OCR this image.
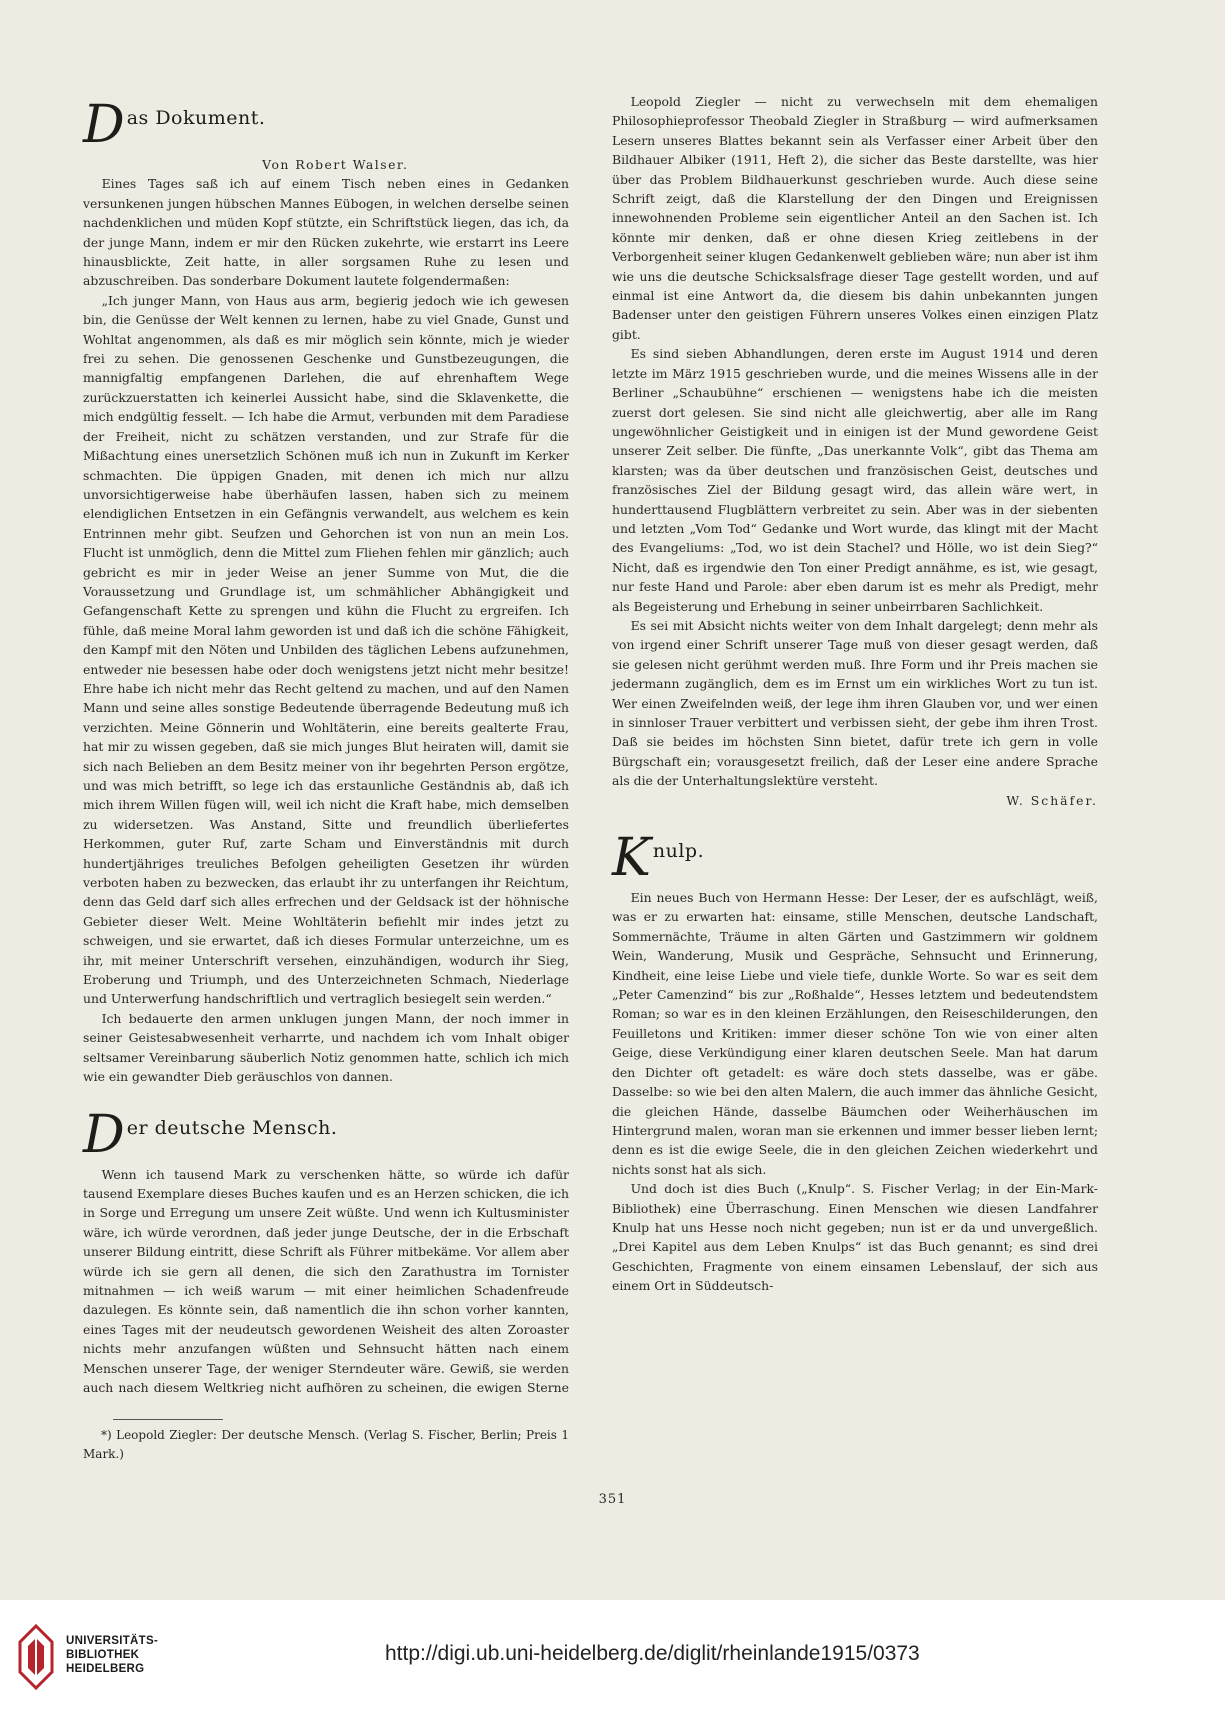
D as Dokument.

Von Robert Walser.

Eines Tages saß ich auf einem Tisch neben eines in Gedanken versunkenen jungen hübschen Mannes Eübogen, in welchen derselbe seinen nachdenklichen und müden Kopf stützte, ein Schriftstück liegen, das ich, da der junge Mann, indem er mir den Rücken zukehrte, wie erstarrt ins Leere hinausblickte, Zeit hatte, in aller sorgsamen Ruhe zu lesen und abzuschreiben. Das sonderbare Dokument lautete folgendermaßen:

„Ich junger Mann, von Haus aus arm, begierig jedoch wie ich gewesen bin, die Genüsse der Welt kennen zu lernen, habe zu viel Gnade, Gunst und Wohltat angenommen, als daß es mir möglich sein könnte, mich je wieder frei zu sehen. Die genossenen Geschenke und Gunstbezeugungen, die mannigfaltig empfangenen Darlehen, die auf ehrenhaftem Wege zurückzuerstatten ich keinerlei Aussicht habe, sind die Sklavenkette, die mich endgültig fesselt. — Ich habe die Armut, verbunden mit dem Paradiese der Freiheit, nicht zu schätzen verstanden, und zur Strafe für die Mißachtung eines unersetzlich Schönen muß ich nun in Zukunft im Kerker schmachten. Die üppigen Gnaden, mit denen ich mich nur allzu unvorsichtigerweise habe überhäufen lassen, haben sich zu meinem elendiglichen Entsetzen in ein Gefängnis verwandelt, aus welchem es kein Entrinnen mehr gibt. Seufzen und Gehorchen ist von nun an mein Los. Flucht ist unmöglich, denn die Mittel zum Fliehen fehlen mir gänzlich; auch gebricht es mir in jeder Weise an jener Summe von Mut, die die Voraussetzung und Grundlage ist, um schmählicher Abhängigkeit und Gefangenschaft Kette zu sprengen und kühn die Flucht zu ergreifen. Ich fühle, daß meine Moral lahm geworden ist und daß ich die schöne Fähigkeit, den Kampf mit den Nöten und Unbilden des täglichen Lebens aufzunehmen, entweder nie besessen habe oder doch wenigstens jetzt nicht mehr besitze! Ehre habe ich nicht mehr das Recht geltend zu machen, und auf den Namen Mann und seine alles sonstige Bedeutende überragende Bedeutung muß ich verzichten. Meine Gönnerin und Wohltäterin, eine bereits gealterte Frau, hat mir zu wissen gegeben, daß sie mich junges Blut heiraten will, damit sie sich nach Belieben an dem Besitz meiner von ihr begehrten Person ergötze, und was mich betrifft, so lege ich das erstaunliche Geständnis ab, daß ich mich ihrem Willen fügen will, weil ich nicht die Kraft habe, mich demselben zu widersetzen. Was Anstand, Sitte und freundlich überliefertes Herkommen, guter Ruf, zarte Scham und Einverständnis mit durch hundertjähriges treuliches Befolgen geheiligten Gesetzen ihr würden verboten haben zu bezwecken, das erlaubt ihr zu unterfangen ihr Reichtum, denn das Geld darf sich alles erfrechen und der Geldsack ist der höhnische Gebieter dieser Welt. Meine Wohltäterin befiehlt mir indes jetzt zu schweigen, und sie erwartet, daß ich dieses Formular unterzeichne, um es ihr, mit meiner Unterschrift versehen, einzuhändigen, wodurch ihr Sieg, Eroberung und Triumph, und des Unterzeichneten Schmach, Niederlage und Unterwerfung handschriftlich und vertraglich besiegelt sein werden.“

Ich bedauerte den armen unklugen jungen Mann, der noch immer in seiner Geistesabwesenheit verharrte, und nachdem ich vom Inhalt obiger seltsamer Vereinbarung säuberlich Notiz genommen hatte, schlich ich mich wie ein gewandter Dieb geräuschlos von dannen.

D er deutsche Mensch.

Wenn ich tausend Mark zu verschenken hätte, so würde ich dafür tausend Exemplare dieses Buches kaufen und es an Herzen schicken, die ich in Sorge und Erregung um unsere Zeit wüßte. Und wenn ich Kultusminister wäre, ich würde verordnen, daß jeder junge Deutsche, der in die Erbschaft unserer Bildung eintritt, diese Schrift als Führer mitbekäme. Vor allem aber würde ich sie gern all denen, die sich den Zarathustra im Tornister mitnahmen — ich weiß warum — mit einer heimlichen Schadenfreude dazulegen. Es könnte sein, daß namentlich die ihn schon vorher kannten, eines Tages mit der neudeutsch gewordenen Weisheit des alten Zoroaster nichts mehr anzufangen wüßten und Sehnsucht hätten nach einem Menschen unserer Tage, der weniger Sterndeuter wäre. Gewiß, sie werden auch nach diesem Weltkrieg nicht aufhören zu scheinen, die ewigen Sterne

*) Leopold Ziegler: Der deutsche Mensch. (Verlag S. Fischer, Berlin; Preis 1 Mark.)

Leopold Ziegler — nicht zu verwechseln mit dem ehemaligen Philosophieprofessor Theobald Ziegler in Straßburg — wird aufmerksamen Lesern unseres Blattes bekannt sein als Verfasser einer Arbeit über den Bildhauer Albiker (1911, Heft 2), die sicher das Beste darstellte, was hier über das Problem Bildhauerkunst geschrieben wurde. Auch diese seine Schrift zeigt, daß die Klarstellung der den Dingen und Ereignissen innewohnenden Probleme sein eigentlicher Anteil an den Sachen ist. Ich könnte mir denken, daß er ohne diesen Krieg zeitlebens in der Verborgenheit seiner klugen Gedankenwelt geblieben wäre; nun aber ist ihm wie uns die deutsche Schicksalsfrage dieser Tage gestellt worden, und auf einmal ist eine Antwort da, die diesem bis dahin unbekannten jungen Badenser unter den geistigen Führern unseres Volkes einen einzigen Platz gibt.

Es sind sieben Abhandlungen, deren erste im August 1914 und deren letzte im März 1915 geschrieben wurde, und die meines Wissens alle in der Berliner „Schaubühne“ erschienen — wenigstens habe ich die meisten zuerst dort gelesen. Sie sind nicht alle gleichwertig, aber alle im Rang ungewöhnlicher Geistigkeit und in einigen ist der Mund gewordene Geist unserer Zeit selber. Die fünfte, „Das unerkannte Volk“, gibt das Thema am klarsten; was da über deutschen und französischen Geist, deutsches und französisches Ziel der Bildung gesagt wird, das allein wäre wert, in hunderttausend Flugblättern verbreitet zu sein. Aber was in der siebenten und letzten „Vom Tod“ Gedanke und Wort wurde, das klingt mit der Macht des Evangeliums: „Tod, wo ist dein Stachel? und Hölle, wo ist dein Sieg?“ Nicht, daß es irgendwie den Ton einer Predigt annähme, es ist, wie gesagt, nur feste Hand und Parole: aber eben darum ist es mehr als Predigt, mehr als Begeisterung und Erhebung in seiner unbeirrbaren Sachlichkeit.

Es sei mit Absicht nichts weiter von dem Inhalt dargelegt; denn mehr als von irgend einer Schrift unserer Tage muß von dieser gesagt werden, daß sie gelesen nicht gerühmt werden muß. Ihre Form und ihr Preis machen sie jedermann zugänglich, dem es im Ernst um ein wirkliches Wort zu tun ist. Wer einen Zweifelnden weiß, der lege ihm ihren Glauben vor, und wer einen in sinnloser Trauer verbittert und verbissen sieht, der gebe ihm ihren Trost. Daß sie beides im höchsten Sinn bietet, dafür trete ich gern in volle Bürgschaft ein; vorausgesetzt freilich, daß der Leser eine andere Sprache als die der Unterhaltungslektüre versteht.

W. Schäfer.

K nulp.

Ein neues Buch von Hermann Hesse: Der Leser, der es aufschlägt, weiß, was er zu erwarten hat: einsame, stille Menschen, deutsche Landschaft, Sommernächte, Träume in alten Gärten und Gastzimmern wir goldnem Wein, Wanderung, Musik und Gespräche, Sehnsucht und Erinnerung, Kindheit, eine leise Liebe und viele tiefe, dunkle Worte. So war es seit dem „Peter Camenzind“ bis zur „Roßhalde“, Hesses letztem und bedeutendstem Roman; so war es in den kleinen Erzählungen, den Reiseschilderungen, den Feuilletons und Kritiken: immer dieser schöne Ton wie von einer alten Geige, diese Verkündigung einer klaren deutschen Seele. Man hat darum den Dichter oft getadelt: es wäre doch stets dasselbe, was er gäbe. Dasselbe: so wie bei den alten Malern, die auch immer das ähnliche Gesicht, die gleichen Hände, dasselbe Bäumchen oder Weiherhäuschen im Hintergrund malen, woran man sie erkennen und immer besser lieben lernt; denn es ist die ewige Seele, die in den gleichen Zeichen wiederkehrt und nichts sonst hat als sich.

Und doch ist dies Buch („Knulp“. S. Fischer Verlag; in der Ein-Mark-Bibliothek) eine Überraschung. Einen Menschen wie diesen Landfahrer Knulp hat uns Hesse noch nicht gegeben; nun ist er da und unvergeßlich. „Drei Kapitel aus dem Leben Knulps“ ist das Buch genannt; es sind drei Geschichten, Fragmente von einem einsamen Lebenslauf, der sich aus einem Ort in Süddeutsch-

351
UNIVERSITÄTS-
BIBLIOTHEK
HEIDELBERG
http://digi.ub.uni-heidelberg.de/diglit/rheinlande1915/0373
